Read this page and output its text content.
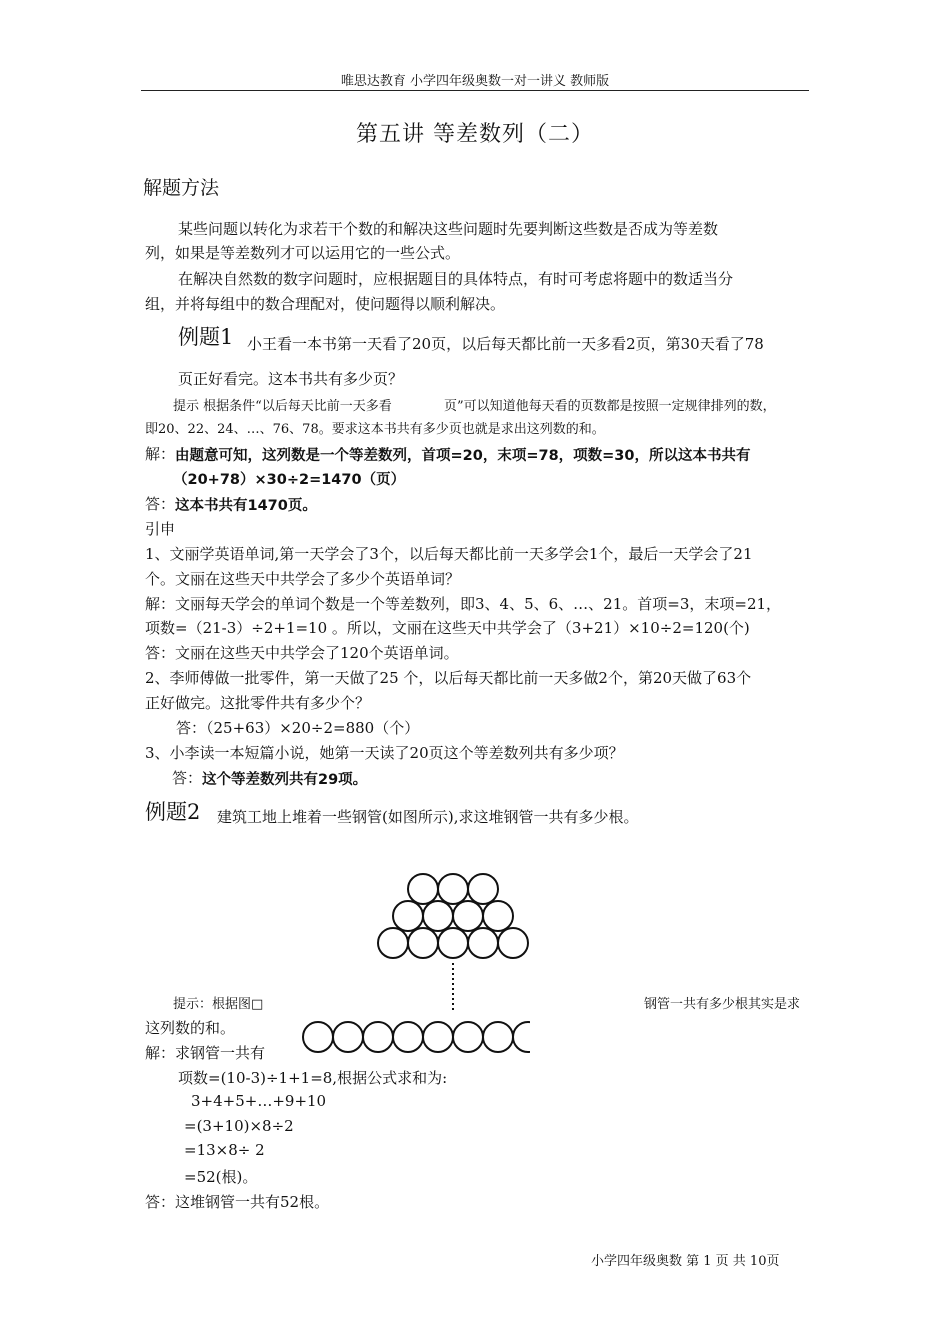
唯思达教育 小学四年级奥数一对一讲义 教师版
第五讲 等差数列（二）
解题方法
某些问题以转化为求若干个数的和解决这些问题时先要判断这些数是否成为等差数
列，如果是等差数列才可以运用它的一些公式。
在解决自然数的数字问题时，应根据题目的具体特点，有时可考虑将题中的数适当分
组，并将每组中的数合理配对，使问题得以顺利解决。
例题1 小王看一本书第一天看了20页，以后每天都比前一天多看2页，第30天看了78
页正好看完。这本书共有多少页？
提示 根据条件“以后每天比前一天多看	页”可以知道他每天看的页数都是按照一定规律排列的数，
即20、22、24、…、76、78。要求这本书共有多少页也就是求出这列数的和。
解： 由题意可知，这列数是一个等差数列，首项=20，末项=78，项数=30，所以这本书共有
（20+78）×30÷2=1470（页）
答： 这本书共有1470页。
引申
1、文丽学英语单词,第一天学会了3个，以后每天都比前一天多学会1个，最后一天学会了21
个。文丽在这些天中共学会了多少个英语单词？
解：文丽每天学会的单词个数是一个等差数列，即3、4、5、6、…、21。首项=3，末项=21，
项数=（21-3）÷2+1=10 。所以，文丽在这些天中共学会了（3+21）×10÷2=120(个)
答：文丽在这些天中共学会了120个英语单词。
2、李师傅做一批零件，第一天做了25 个，以后每天都比前一天多做2个，第20天做了63个
正好做完。这批零件共有多少个？
答：（25+63）×20÷2=880（个）
3、小李读一本短篇小说，她第一天读了20页这个等差数列共有多少项？
答： 这个等差数列共有29项。
例题2 建筑工地上堆着一些钢管(如图所示),求这堆钢管一共有多少根。
提示：根据图□	钢管一共有多少根其实是求
这列数的和。
解：求钢管一共有
项数=(10-3)÷1+1=8,根据公式求和为:
3+4+5+…+9+10
=(3+10)×8÷2
=13×8÷ 2
=52(根)。
答：这堆钢管一共有52根。
小学四年级奥数 第 1 页 共 10页
